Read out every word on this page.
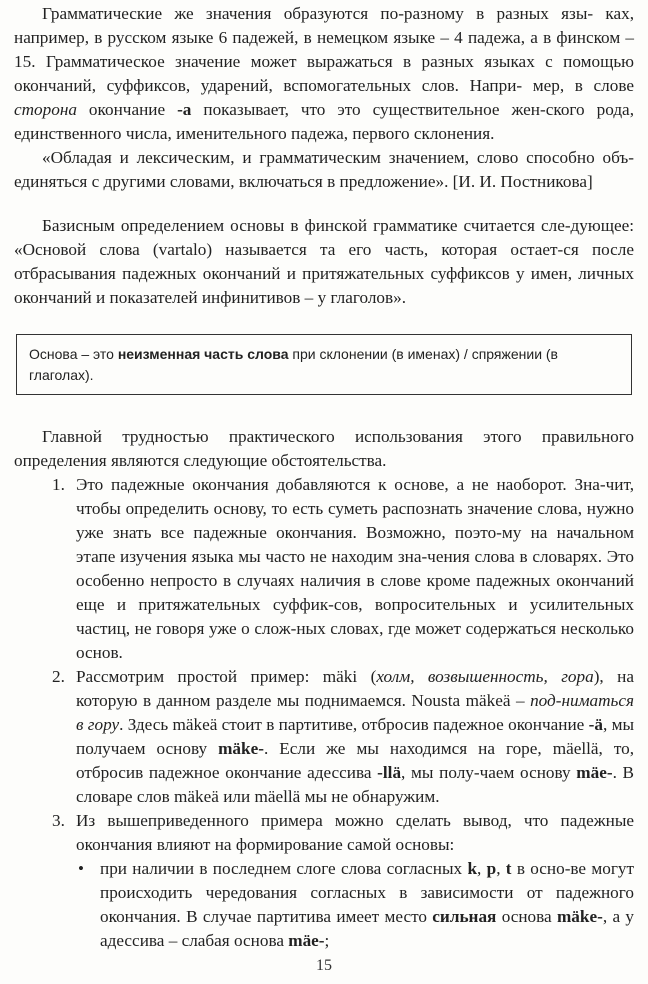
Грамматические же значения образуются по-разному в разных язы- ках, например, в русском языке 6 падежей, в немецком языке – 4 падежа, а в финском – 15. Грамматическое значение может выражаться в разных языках с помощью окончаний, суффиксов, ударений, вспомогательных слов. Напри- мер, в слове сторона окончание -а показывает, что это существительное жен-ского рода, единственного числа, именительного падежа, первого склонения.

«Обладая и лексическим, и грамматическим значением, слово способно объ-единяться с другими словами, включаться в предложение». [И. И. Постникова]

Базисным определением основы в финской грамматике считается сле-дующее: «Основой слова (vartalo) называется та его часть, которая остает-ся после отбрасывания падежных окончаний и притяжательных суффиксов у имен, личных окончаний и показателей инфинитивов – у глаголов».

Основа – это неизменная часть слова при склонении (в именах) / спряжении (в глаголах).

Главной трудностью практического использования этого правильного определения являются следующие обстоятельства.

1. Это падежные окончания добавляются к основе, а не наоборот. Зна-чит, чтобы определить основу, то есть суметь распознать значение слова, нужно уже знать все падежные окончания. Возможно, поэто-му на начальном этапе изучения языка мы часто не находим зна-чения слова в словарях. Это особенно непросто в случаях наличия в слове кроме падежных окончаний еще и притяжательных суффик-сов, вопросительных и усилительных частиц, не говоря уже о слож-ных словах, где может содержаться несколько основ.
2. Рассмотрим простой пример: mäki (холм, возвышенность, гора), на которую в данном разделе мы поднимаемся. Nousta mäkeä – под-ниматься в гору. Здесь mäkeä стоит в партитиве, отбросив падежное окончание -ä, мы получаем основу mäke-. Если же мы находимся на горе, mäellä, то, отбросив падежное окончание адессива -llä, мы полу-чаем основу mäe-. В словаре слов mäkeä или mäellä мы не обнаружим.
3. Из вышеприведенного примера можно сделать вывод, что падежные окончания влияют на формирование самой основы:
• при наличии в последнем слоге слова согласных k, p, t в осно-ве могут происходить чередования согласных в зависимости от падежного окончания. В случае партитива имеет место сильная основа mäke-, а у адессива – слабая основа mäe-;
15
